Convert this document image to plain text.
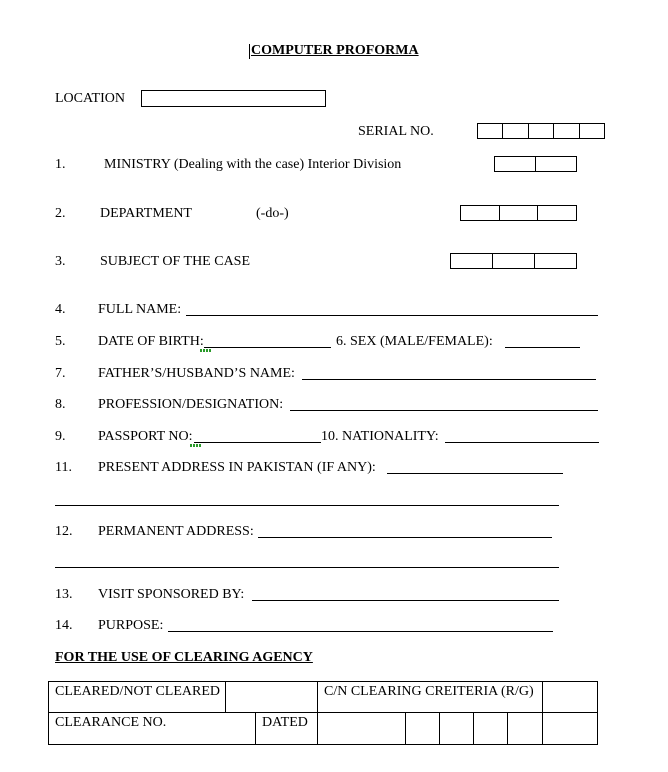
COMPUTER PROFORMA
LOCATION
SERIAL NO.
1.	MINISTRY (Dealing with the case) Interior Division
2. DEPARTMENT	(-do-)
3. SUBJECT OF THE CASE
4. FULL NAME:
5. DATE OF BIRTH:	6. SEX (MALE/FEMALE):
7. FATHER’S/HUSBAND’S NAME:
8. PROFESSION/DESIGNATION:
9. PASSPORT NO:	10. NATIONALITY:
11. PRESENT ADDRESS IN PAKISTAN (IF ANY):
12. PERMANENT ADDRESS:
13. VISIT SPONSORED BY:
14. PURPOSE:
FOR THE USE OF CLEARING AGENCY
CLEARED/NOT CLEARED			C/N CLEARING CREITERIA (R/G)					
CLEARANCE NO.		DATED						
